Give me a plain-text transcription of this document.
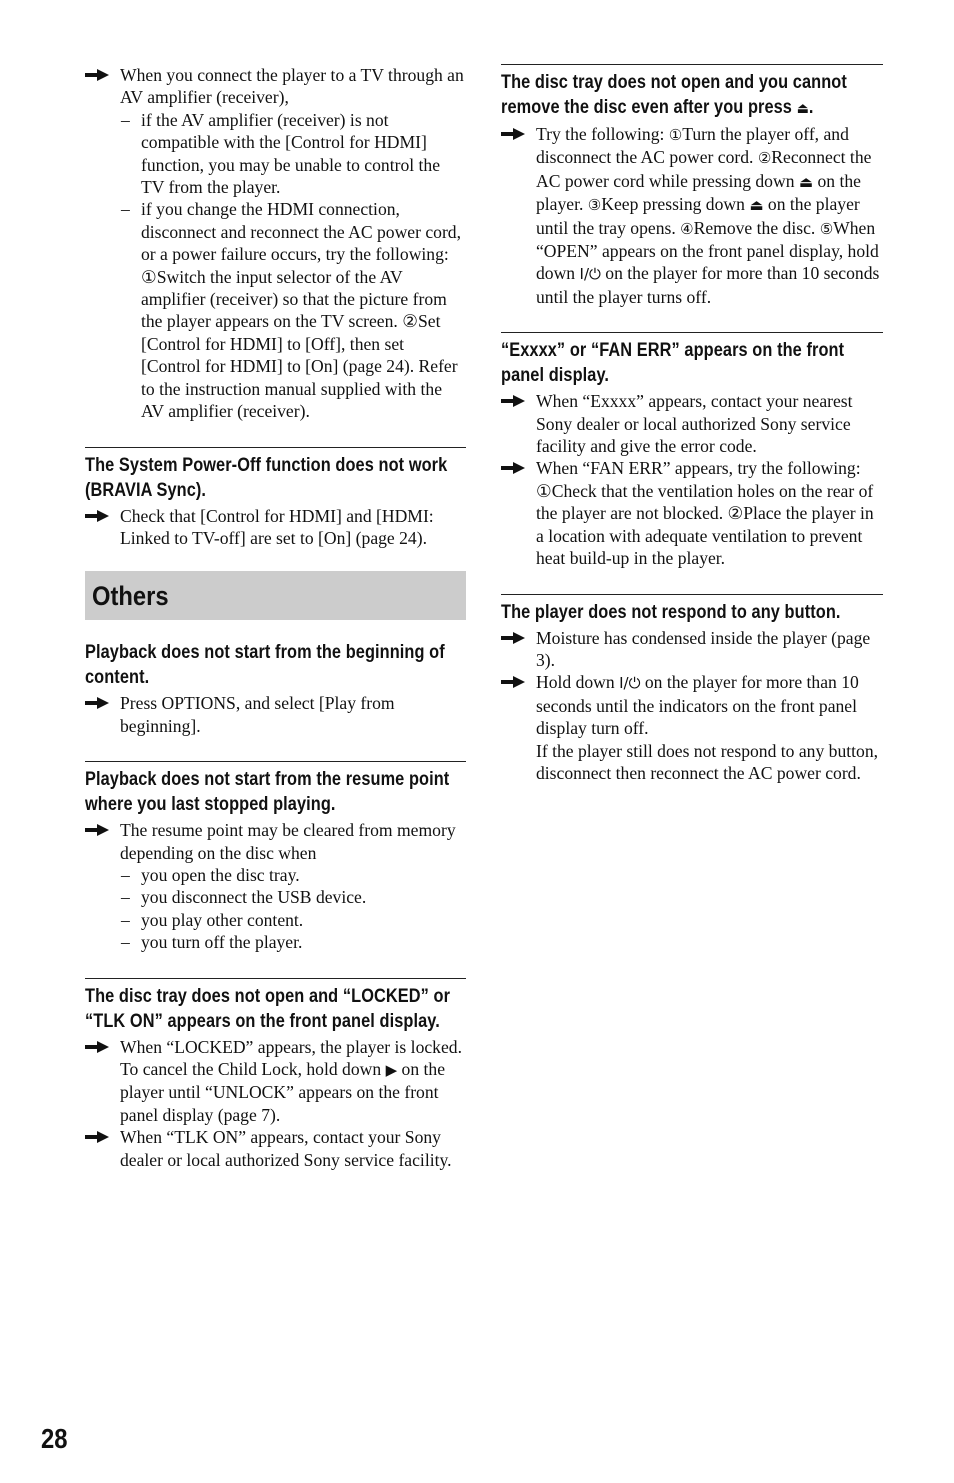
When you connect the player to a TV through an AV amplifier (receiver),
– if the AV amplifier (receiver) is not compatible with the [Control for HDMI] function, you may be unable to control the TV from the player.
– if you change the HDMI connection, disconnect and reconnect the AC power cord, or a power failure occurs, try the following: ①Switch the input selector of the AV amplifier (receiver) so that the picture from the player appears on the TV screen. ②Set [Control for HDMI] to [Off], then set [Control for HDMI] to [On] (page 24). Refer to the instruction manual supplied with the AV amplifier (receiver).
The System Power-Off function does not work (BRAVIA Sync).
Check that [Control for HDMI] and [HDMI: Linked to TV-off] are set to [On] (page 24).
Others
Playback does not start from the beginning of content.
Press OPTIONS, and select [Play from beginning].
Playback does not start from the resume point where you last stopped playing.
The resume point may be cleared from memory depending on the disc when
– you open the disc tray.
– you disconnect the USB device.
– you play other content.
– you turn off the player.
The disc tray does not open and “LOCKED” or “TLK ON” appears on the front panel display.
When “LOCKED” appears, the player is locked. To cancel the Child Lock, hold down ▶ on the player until “UNLOCK” appears on the front panel display (page 7).
When “TLK ON” appears, contact your Sony dealer or local authorized Sony service facility.
The disc tray does not open and you cannot remove the disc even after you press ⏏.
Try the following: ①Turn the player off, and disconnect the AC power cord. ②Reconnect the AC power cord while pressing down ⏏ on the player. ③Keep pressing down ⏏ on the player until the tray opens. ④Remove the disc. ⑤When “OPEN” appears on the front panel display, hold down I/⏻ on the player for more than 10 seconds until the player turns off.
“Exxxx” or “FAN ERR” appears on the front panel display.
When “Exxxx” appears, contact your nearest Sony dealer or local authorized Sony service facility and give the error code.
When “FAN ERR” appears, try the following: ①Check that the ventilation holes on the rear of the player are not blocked. ②Place the player in a location with adequate ventilation to prevent heat build-up in the player.
The player does not respond to any button.
Moisture has condensed inside the player (page 3).
Hold down I/⏻ on the player for more than 10 seconds until the indicators on the front panel display turn off.
If the player still does not respond to any button, disconnect then reconnect the AC power cord.
28
